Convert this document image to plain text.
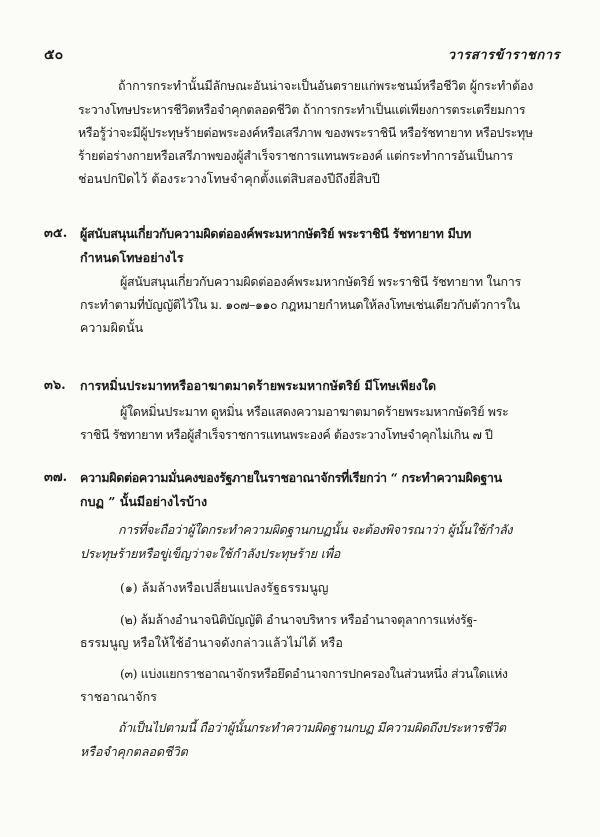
๕๐	วารสารข้าราชการ
ถ้าการกระทำนั้นมีลักษณะอันน่าจะเป็นอันตรายแก่พระชนม์หรือชีวิต ผู้กระทำต้อง
ระวางโทษประหารชีวิตหรือจำคุกตลอดชีวิต ถ้าการกระทำเป็นแต่เพียงการตระเตรียมการ
หรือรู้ว่าจะมีผู้ประทุษร้ายต่อพระองค์หรือเสรีภาพ ของพระราชินี หรือรัชทายาท หรือประทุษ
ร้ายต่อร่างกายหรือเสรีภาพของผู้สำเร็จราชการแทนพระองค์ แต่กระทำการอันเป็นการ
ช่อนปกปิดไว้ ต้องระวางโทษจำคุกตั้งแต่สิบสองปีถึงยี่สิบปี
๓๕. ผู้สนับสนุนเกี่ยวกับความผิดต่อองค์พระมหากษัตริย์ พระราชินี รัชทายาท มีบท
กำหนดโทษอย่างไร
ผู้สนับสนุนเกี่ยวกับความผิดต่อองค์พระมหากษัตริย์ พระราชินี รัชทายาท ในการ
กระทำตามที่บัญญัติไว้ใน ม. ๑๐๗–๑๑๐ กฎหมายกำหนดให้ลงโทษเช่นเดียวกับตัวการใน
ความผิดนั้น
๓๖. การหมิ่นประมาทหรืออาฆาตมาดร้ายพระมหากษัตริย์ มีโทษเพียงใด
ผู้ใดหมิ่นประมาท ดูหมิ่น หรือแสดงความอาฆาตมาดร้ายพระมหากษัตริย์ พระ
ราชินี รัชทายาท หรือผู้สำเร็จราชการแทนพระองค์ ต้องระวางโทษจำคุกไม่เกิน ๗ ปี
๓๗. ความผิดต่อความมั่นคงของรัฐภายในราชอาณาจักรที่เรียกว่า “ กระทำความผิดฐาน
กบฏ ” นั้นมีอย่างไรบ้าง
การที่จะถือว่าผู้ใดกระทำความผิดฐานกบฏนั้น จะต้องพิจารณาว่า ผู้นั้นใช้กำลัง
ประทุษร้ายหรือขู่เข็ญว่าจะใช้กำลังประทุษร้าย เพื่อ
(๑) ล้มล้างหรือเปลี่ยนแปลงรัฐธรรมนูญ
(๒) ล้มล้างอำนาจนิติบัญญัติ อำนาจบริหาร หรืออำนาจตุลาการแห่งรัฐ-
ธรรมนูญ หรือให้ใช้อำนาจดังกล่าวแล้วไม่ได้ หรือ
(๓) แบ่งแยกราชอาณาจักรหรือยึดอำนาจการปกครองในส่วนหนึ่ง ส่วนใดแห่ง
ราชอาณาจักร
ถ้าเป็นไปตามนี้ ถือว่าผู้นั้นกระทำความผิดฐานกบฏ มีความผิดถึงประหารชีวิต
หรือจำคุกตลอดชีวิต
